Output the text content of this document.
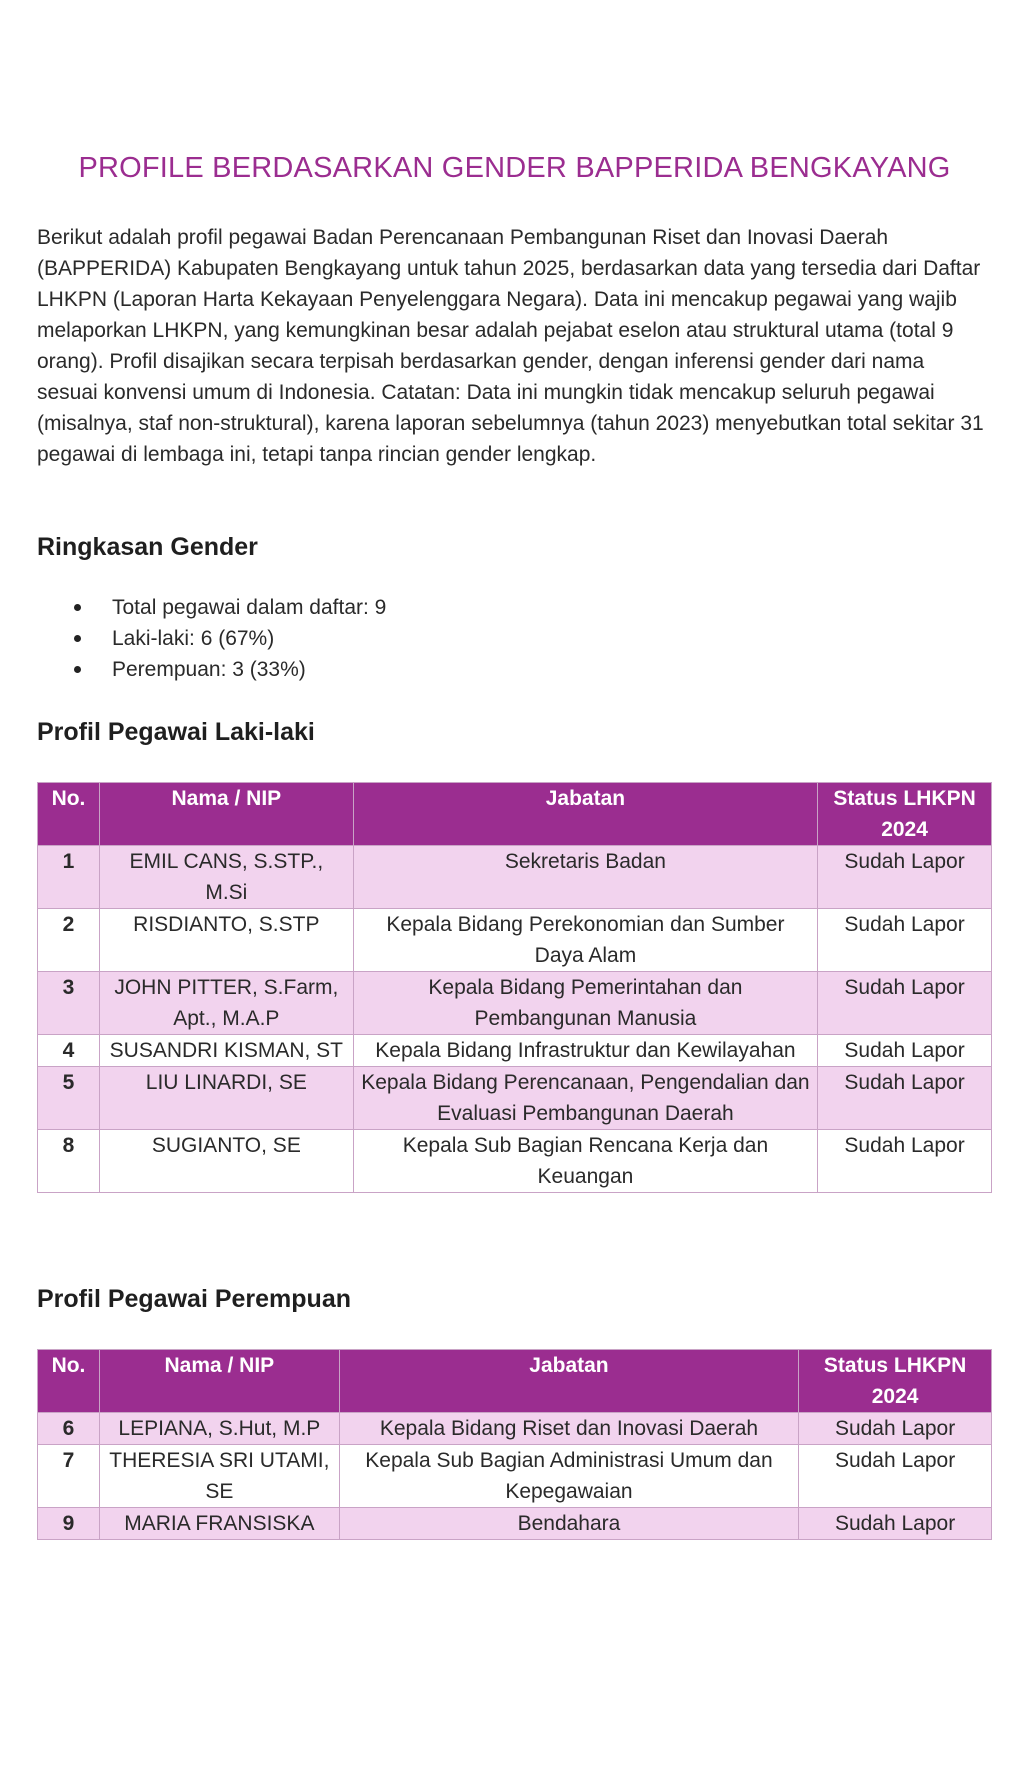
PROFILE BERDASARKAN GENDER BAPPERIDA BENGKAYANG
Berikut adalah profil pegawai Badan Perencanaan Pembangunan Riset dan Inovasi Daerah (BAPPERIDA) Kabupaten Bengkayang untuk tahun 2025, berdasarkan data yang tersedia dari Daftar LHKPN (Laporan Harta Kekayaan Penyelenggara Negara). Data ini mencakup pegawai yang wajib melaporkan LHKPN, yang kemungkinan besar adalah pejabat eselon atau struktural utama (total 9 orang). Profil disajikan secara terpisah berdasarkan gender, dengan inferensi gender dari nama sesuai konvensi umum di Indonesia. Catatan: Data ini mungkin tidak mencakup seluruh pegawai (misalnya, staf non-struktural), karena laporan sebelumnya (tahun 2023) menyebutkan total sekitar 31 pegawai di lembaga ini, tetapi tanpa rincian gender lengkap.
Ringkasan Gender
Total pegawai dalam daftar: 9
Laki-laki: 6 (67%)
Perempuan: 3 (33%)
Profil Pegawai Laki-laki
No.	Nama / NIP	Jabatan	Status LHKPN 2024
1	EMIL CANS, S.STP., M.Si	Sekretaris Badan	Sudah Lapor
2	RISDIANTO, S.STP	Kepala Bidang Perekonomian dan Sumber Daya Alam	Sudah Lapor
3	JOHN PITTER, S.Farm, Apt., M.A.P	Kepala Bidang Pemerintahan dan Pembangunan Manusia	Sudah Lapor
4	SUSANDRI KISMAN, ST	Kepala Bidang Infrastruktur dan Kewilayahan	Sudah Lapor
5	LIU LINARDI, SE	Kepala Bidang Perencanaan, Pengendalian dan Evaluasi Pembangunan Daerah	Sudah Lapor
8	SUGIANTO, SE	Kepala Sub Bagian Rencana Kerja dan Keuangan	Sudah Lapor
Profil Pegawai Perempuan
No.	Nama / NIP	Jabatan	Status LHKPN 2024
6	LEPIANA, S.Hut, M.P	Kepala Bidang Riset dan Inovasi Daerah	Sudah Lapor
7	THERESIA SRI UTAMI, SE	Kepala Sub Bagian Administrasi Umum dan Kepegawaian	Sudah Lapor
9	MARIA FRANSISKA	Bendahara	Sudah Lapor
